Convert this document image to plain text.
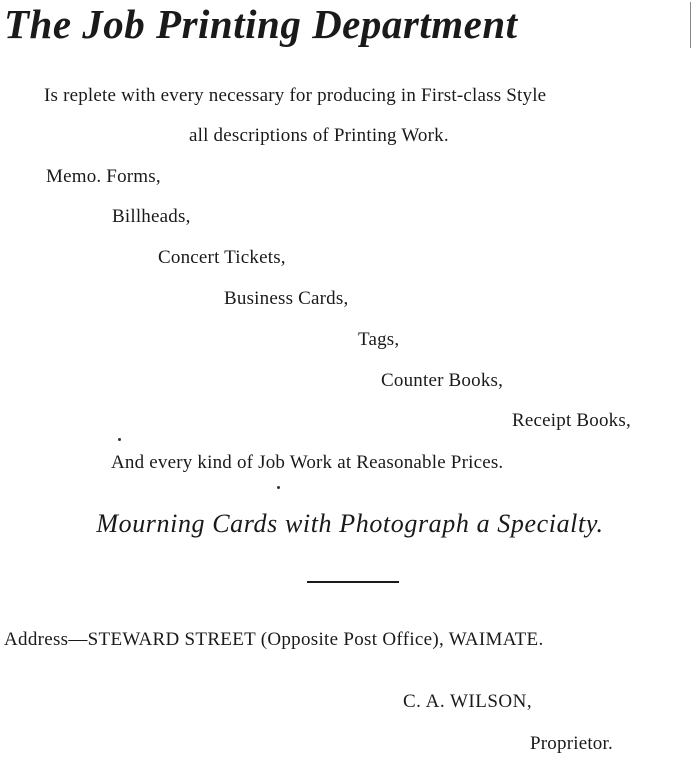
The Job Printing Department
Is replete with every necessary for producing in First-class Style
all descriptions of Printing Work.
Memo. Forms,
Billheads,
Concert Tickets,
Business Cards,
Tags,
Counter Books,
Receipt Books,
And every kind of Job Work at Reasonable Prices.
Mourning Cards with Photograph a Specialty.
Address—STEWARD STREET (Opposite Post Office), WAIMATE.
C. A. WILSON,
Proprietor.
